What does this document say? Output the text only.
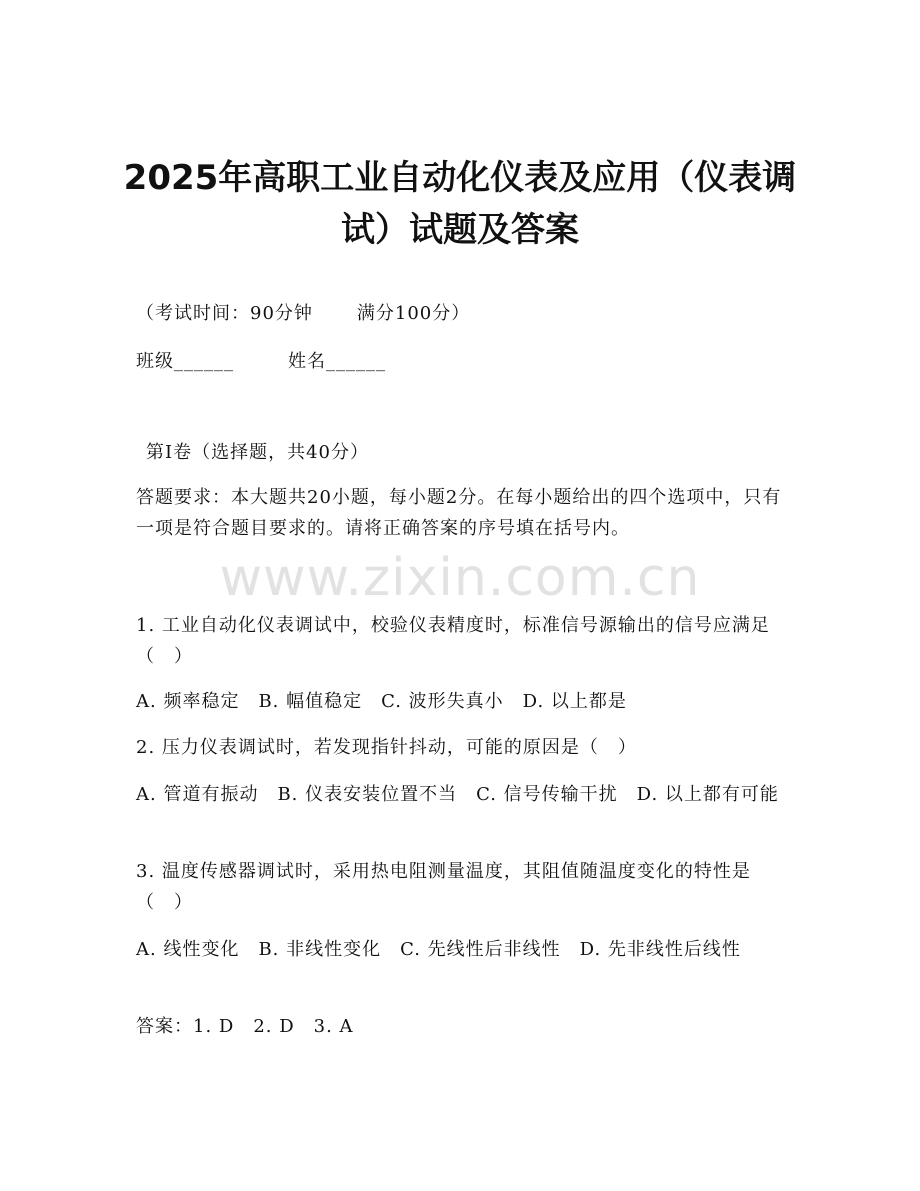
2025年高职工业自动化仪表及应用（仪表调试）试题及答案
（考试时间：90分钟 满分100分）
班级______	姓名______
第I卷（选择题，共40分）

答题要求：本大题共20小题，每小题2分。在每小题给出的四个选项中，只有一项是符合题目要求的。请将正确答案的序号填在括号内。

www.zixin.com.cn

1. 工业自动化仪表调试中，校验仪表精度时，标准信号源输出的信号应满足（　）

A. 频率稳定　B. 幅值稳定　C. 波形失真小　D. 以上都是

2. 压力仪表调试时，若发现指针抖动，可能的原因是（　）

A. 管道有振动　B. 仪表安装位置不当　C. 信号传输干扰　D. 以上都有可能

3. 温度传感器调试时，采用热电阻测量温度，其阻值随温度变化的特性是（　）

A. 线性变化　B. 非线性变化　C. 先线性后非线性　D. 先非线性后线性

答案：1. D　2. D　3. A
